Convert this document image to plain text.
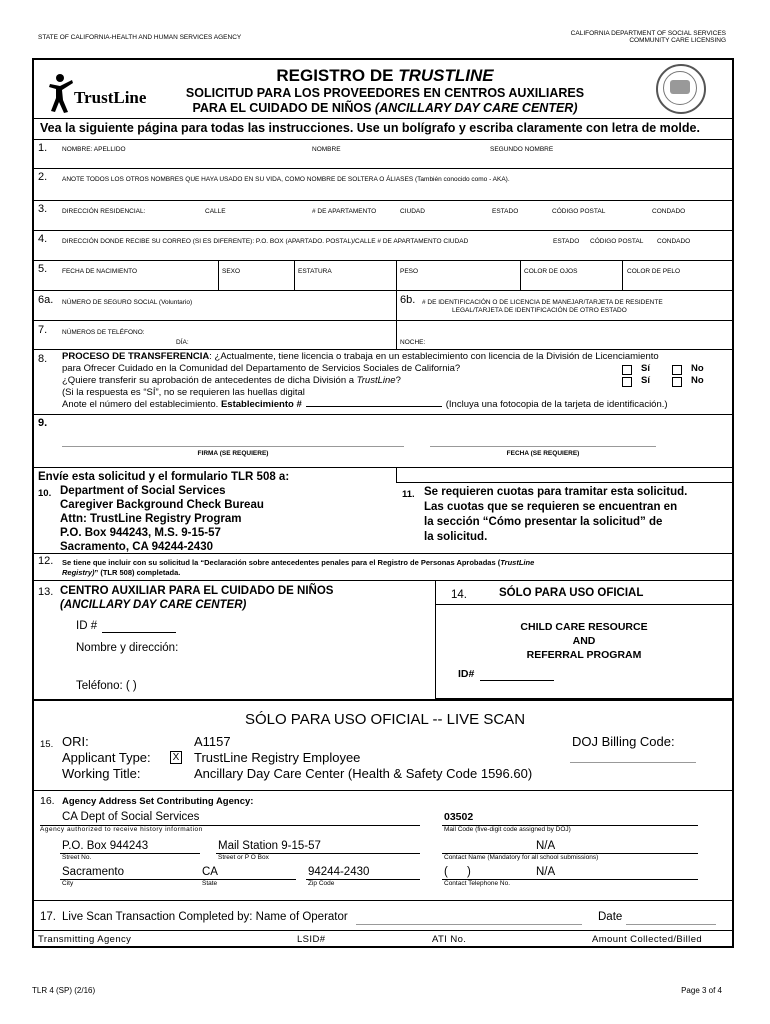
STATE OF CALIFORNIA-HEALTH AND HUMAN SERVICES AGENCY
CALIFORNIA DEPARTMENT OF SOCIAL SERVICES
COMMUNITY CARE LICENSING
TrustLine
REGISTRO DE TRUSTLINE
SOLICITUD PARA LOS PROVEEDORES EN CENTROS AUXILIARES
PARA EL CUIDADO DE NIÑOS (ANCILLARY DAY CARE CENTER)
Vea la siguiente página para todas las instrucciones. Use un bolígrafo y escriba claramente con letra de molde.
1. NOMBRE: APELLIDO	NOMBRE	SEGUNDO NOMBRE
2. ANOTE TODOS LOS OTROS NOMBRES QUE HAYA USADO EN SU VIDA, COMO NOMBRE DE SOLTERA O ÁLIASES (También conocido como - AKA).
3. DIRECCIÓN RESIDENCIAL:	CALLE	# DE APARTAMENTO	CIUDAD	ESTADO	CÓDIGO POSTAL	CONDADO
4. DIRECCIÓN DONDE RECIBE SU CORREO (SI ES DIFERENTE): P.O. BOX (APARTADO. POSTAL)/CALLE # DE APARTAMENTO CIUDAD	ESTADO CÓDIGO POSTAL CONDADO
5. FECHA DE NACIMIENTO	SEXO	ESTATURA	PESO	COLOR DE OJOS	COLOR DE PELO
6a. NÚMERO DE SEGURO SOCIAL (Voluntario)	6b. # DE IDENTIFICACIÓN O DE LICENCIA DE MANEJAR/TARJETA DE RESIDENTE
LEGAL/TARJETA DE IDENTIFICACIÓN DE OTRO ESTADO
7. NÚMEROS DE TELÉFONO:
DÍA:	NOCHE:
8. PROCESO DE TRANSFERENCIA: ¿Actualmente, tiene licencia o trabaja en un establecimiento con licencia de la División de Licenciamiento
para Ofrecer Cuidado en la Comunidad del Departamento de Servicios Sociales de California?
¿Quiere transferir su aprobación de antecedentes de dicha División a TrustLine?
(Si la respuesta es “SÍ”, no se requieren las huellas digital
Anote el número del establecimiento. Establecimiento #	(Incluya una fotocopia de la tarjeta de identificación.)
Sí	No
Sí	No
9.
FIRMA (SE REQUIERE)	FECHA (SE REQUIERE)
Envíe esta solicitud y el formulario TLR 508 a:
10. Department of Social Services
Caregiver Background Check Bureau
Attn: TrustLine Registry Program
P.O. Box 944243, M.S. 9-15-57
Sacramento, CA 94244-2430
11. Se requieren cuotas para tramitar esta solicitud.
Las cuotas que se requieren se encuentran en
la sección “Cómo presentar la solicitud” de
la solicitud.
12. Se tiene que incluir con su solicitud la “Declaración sobre antecedentes penales para el Registro de Personas Aprobadas (TrustLine
Registry)” (TLR 508) completada.
13. CENTRO AUXILIAR PARA EL CUIDADO DE NIÑOS
(ANCILLARY DAY CARE CENTER)
ID #
Nombre y dirección:
Teléfono: ( )
14.	SÓLO PARA USO OFICIAL
CHILD CARE RESOURCE
AND
REFERRAL PROGRAM
ID#
SÓLO PARA USO OFICIAL -- LIVE SCAN
15. ORI:	A1157	DOJ Billing Code:
Applicant Type: X TrustLine Registry Employee
Working Title:	Ancillary Day Care Center (Health & Safety Code 1596.60)
16. Agency Address Set Contributing Agency:
CA Dept of Social Services
Agency authorized to receive history information
03502
Mail Code (five-digit code assigned by DOJ)
P.O. Box 944243
Street No.
Mail Station 9-15-57
Street or P O Box
N/A
Contact Name (Mandatory for all school submissions)
Sacramento
City
CA
State
94244-2430
Zip Code
(      )	N/A
Contact Telephone No.
17. Live Scan Transaction Completed by: Name of Operator	Date
Transmitting Agency	LSID#	ATI No.	Amount Collected/Billed
TLR 4 (SP) (2/16)	Page 3 of 4
